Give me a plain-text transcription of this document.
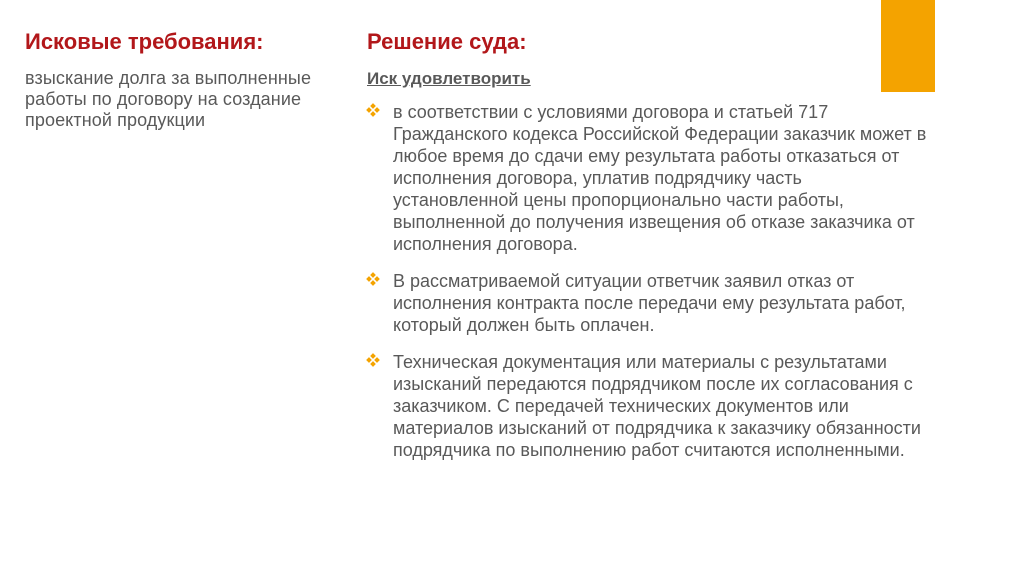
Исковые требования:
взыскание долга за выполненные работы по договору на создание проектной продукции
Решение суда:
Иск удовлетворить
в соответствии с условиями договора и статьей 717 Гражданского кодекса Российской Федерации заказчик может в любое время до сдачи ему результата работы отказаться от исполнения договора, уплатив подрядчику часть установленной цены пропорционально части работы, выполненной до получения извещения об отказе заказчика от исполнения договора.
В рассматриваемой ситуации ответчик заявил отказ от исполнения контракта после передачи ему результата работ, который должен быть оплачен.
Техническая документация или материалы с результатами изысканий передаются подрядчиком после их согласования с заказчиком. С передачей технических документов или материалов изысканий от подрядчика к заказчику обязанности подрядчика по выполнению работ считаются исполненными.
